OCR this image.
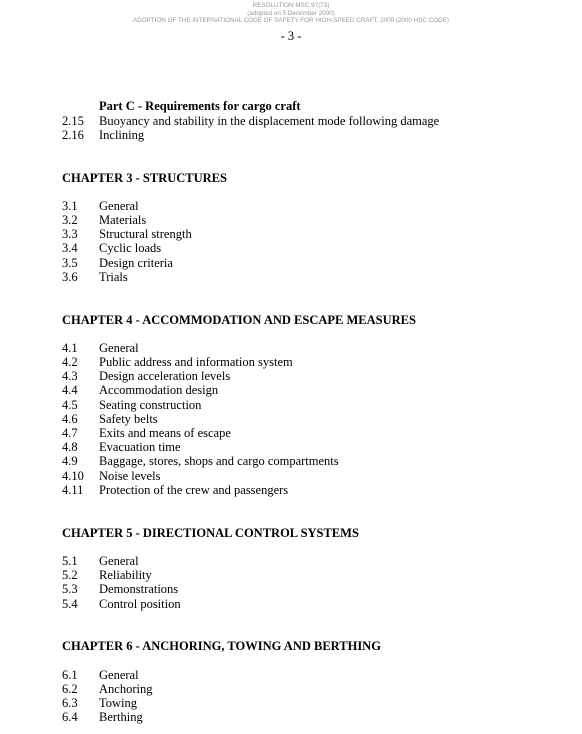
RESOLUTION MSC.97(73)
(adopted on 5 December 2000)
ADOPTION OF THE INTERNATIONAL CODE OF SAFETY FOR HIGH-SPEED CRAFT, 2000 (2000 HSC CODE)
- 3 -
Part C - Requirements for cargo craft
2.15 Buoyancy and stability in the displacement mode following damage
2.16 Inclining
CHAPTER 3 - STRUCTURES
3.1 General
3.2 Materials
3.3 Structural strength
3.4 Cyclic loads
3.5 Design criteria
3.6 Trials
CHAPTER 4 - ACCOMMODATION AND ESCAPE MEASURES
4.1 General
4.2 Public address and information system
4.3 Design acceleration levels
4.4 Accommodation design
4.5 Seating construction
4.6 Safety belts
4.7 Exits and means of escape
4.8 Evacuation time
4.9 Baggage, stores, shops and cargo compartments
4.10 Noise levels
4.11 Protection of the crew and passengers
CHAPTER 5 - DIRECTIONAL CONTROL SYSTEMS
5.1 General
5.2 Reliability
5.3 Demonstrations
5.4 Control position
CHAPTER 6 - ANCHORING, TOWING AND BERTHING
6.1 General
6.2 Anchoring
6.3 Towing
6.4 Berthing
